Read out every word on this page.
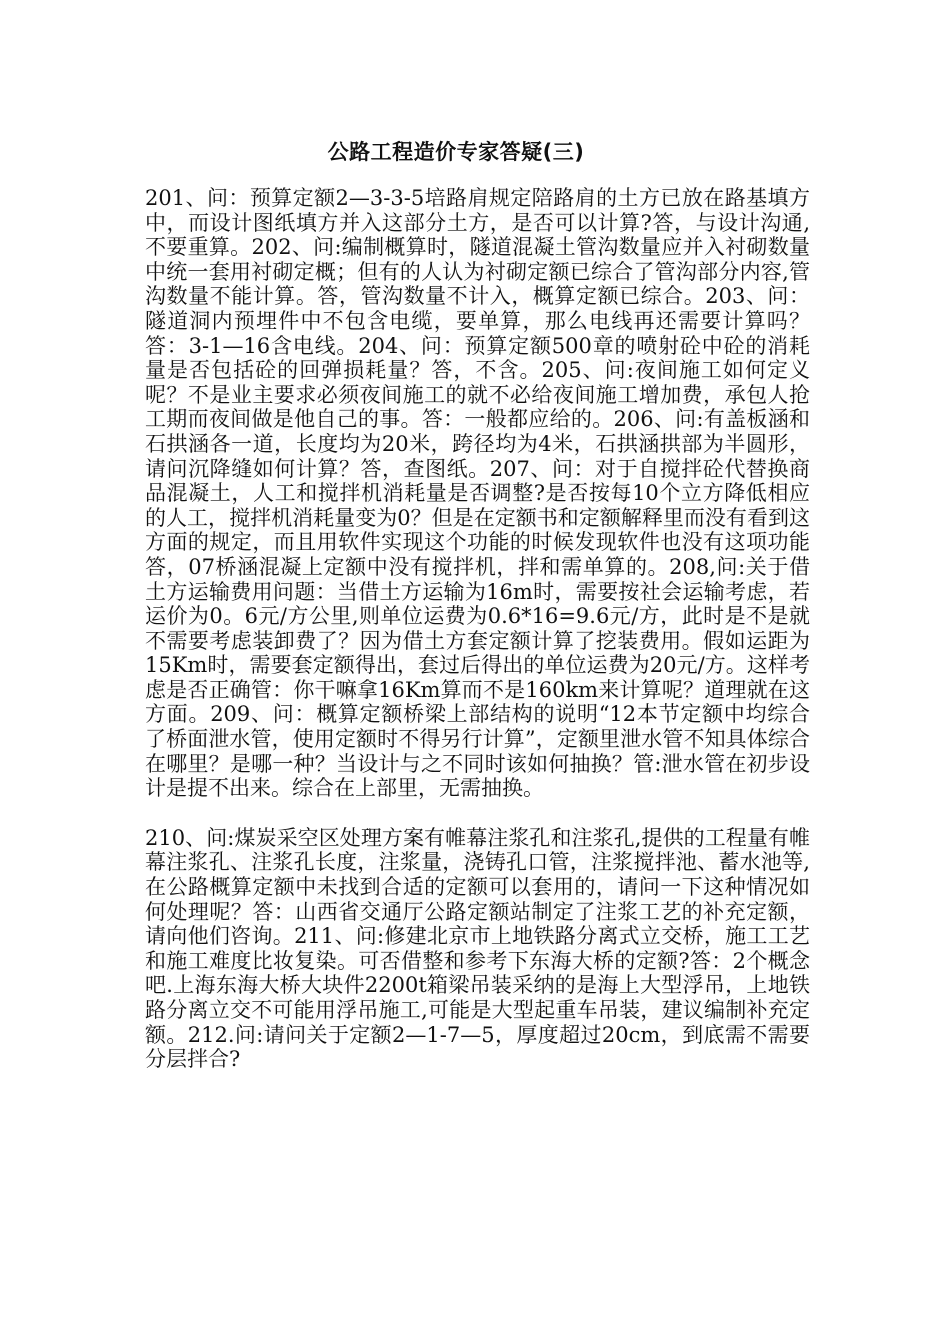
公路工程造价专家答疑(三)

201、问：预算定额2—3-3-5培路肩规定陪路肩的土方已放在路基填方中，而设计图纸填方并入这部分土方，是否可以计算?答，与设计沟通,不要重算。202、问:编制概算时，隧道混凝土管沟数量应并入衬砌数量中统一套用衬砌定概；但有的人认为衬砌定额已综合了管沟部分内容,管沟数量不能计算。答，管沟数量不计入，概算定额已综合。203、问：隧道洞内预埋件中不包含电缆，要单算，那么电线再还需要计算吗？答：3-1—16含电线。204、问：预算定额500章的喷射砼中砼的消耗量是否包括砼的回弹损耗量？答，不含。205、问:夜间施工如何定义呢？不是业主要求必须夜间施工的就不必给夜间施工增加费，承包人抢工期而夜间做是他自己的事。答：一般都应给的。206、问:有盖板涵和石拱涵各一道，长度均为20米，跨径均为4米，石拱涵拱部为半圆形，请问沉降缝如何计算？答，查图纸。207、问：对于自搅拌砼代替换商品混凝土，人工和搅拌机消耗量是否调整?是否按每10个立方降低相应的人工，搅拌机消耗量变为0？但是在定额书和定额解释里而没有看到这方面的规定，而且用软件实现这个功能的时候发现软件也没有这项功能答，07桥涵混凝上定额中没有搅拌机，拌和需单算的。208,问:关于借土方运输费用问题：当借土方运输为16m时，需要按社会运输考虑，若运价为0。6元/方公里,则单位运费为0.6*16=9.6元/方，此时是不是就不需要考虑装卸费了？因为借土方套定额计算了挖装费用。假如运距为15Km时，需要套定额得出，套过后得出的单位运费为20元/方。这样考虑是否正确管：你干嘛拿16Km算而不是160km来计算呢？道理就在这方面。209、问：概算定额桥梁上部结构的说明“12本节定额中均综合了桥面泄水管，使用定额时不得另行计算”，定额里泄水管不知具体综合在哪里？是哪一种？当设计与之不同时该如何抽换？管:泄水管在初步设计是提不出来。综合在上部里，无需抽换。

210、问:煤炭采空区处理方案有帷幕注浆孔和注浆孔,提供的工程量有帷幕注浆孔、注浆孔长度，注浆量，浇铸孔口管，注浆搅拌池、蓄水池等,在公路概算定额中未找到合适的定额可以套用的，请问一下这种情况如何处理呢？答：山西省交通厅公路定额站制定了注浆工艺的补充定额，请向他们咨询。211、问:修建北京市上地铁路分离式立交桥，施工工艺和施工难度比妆复染。可否借整和参考下东海大桥的定额?答：2个概念吧.上海东海大桥大块件2200t箱梁吊装采纳的是海上大型浮吊，上地铁路分离立交不可能用浮吊施工,可能是大型起重车吊装，建议编制补充定额。212.问:请问关于定额2—1-7—5，厚度超过20cm，到底需不需要分层拌合?
